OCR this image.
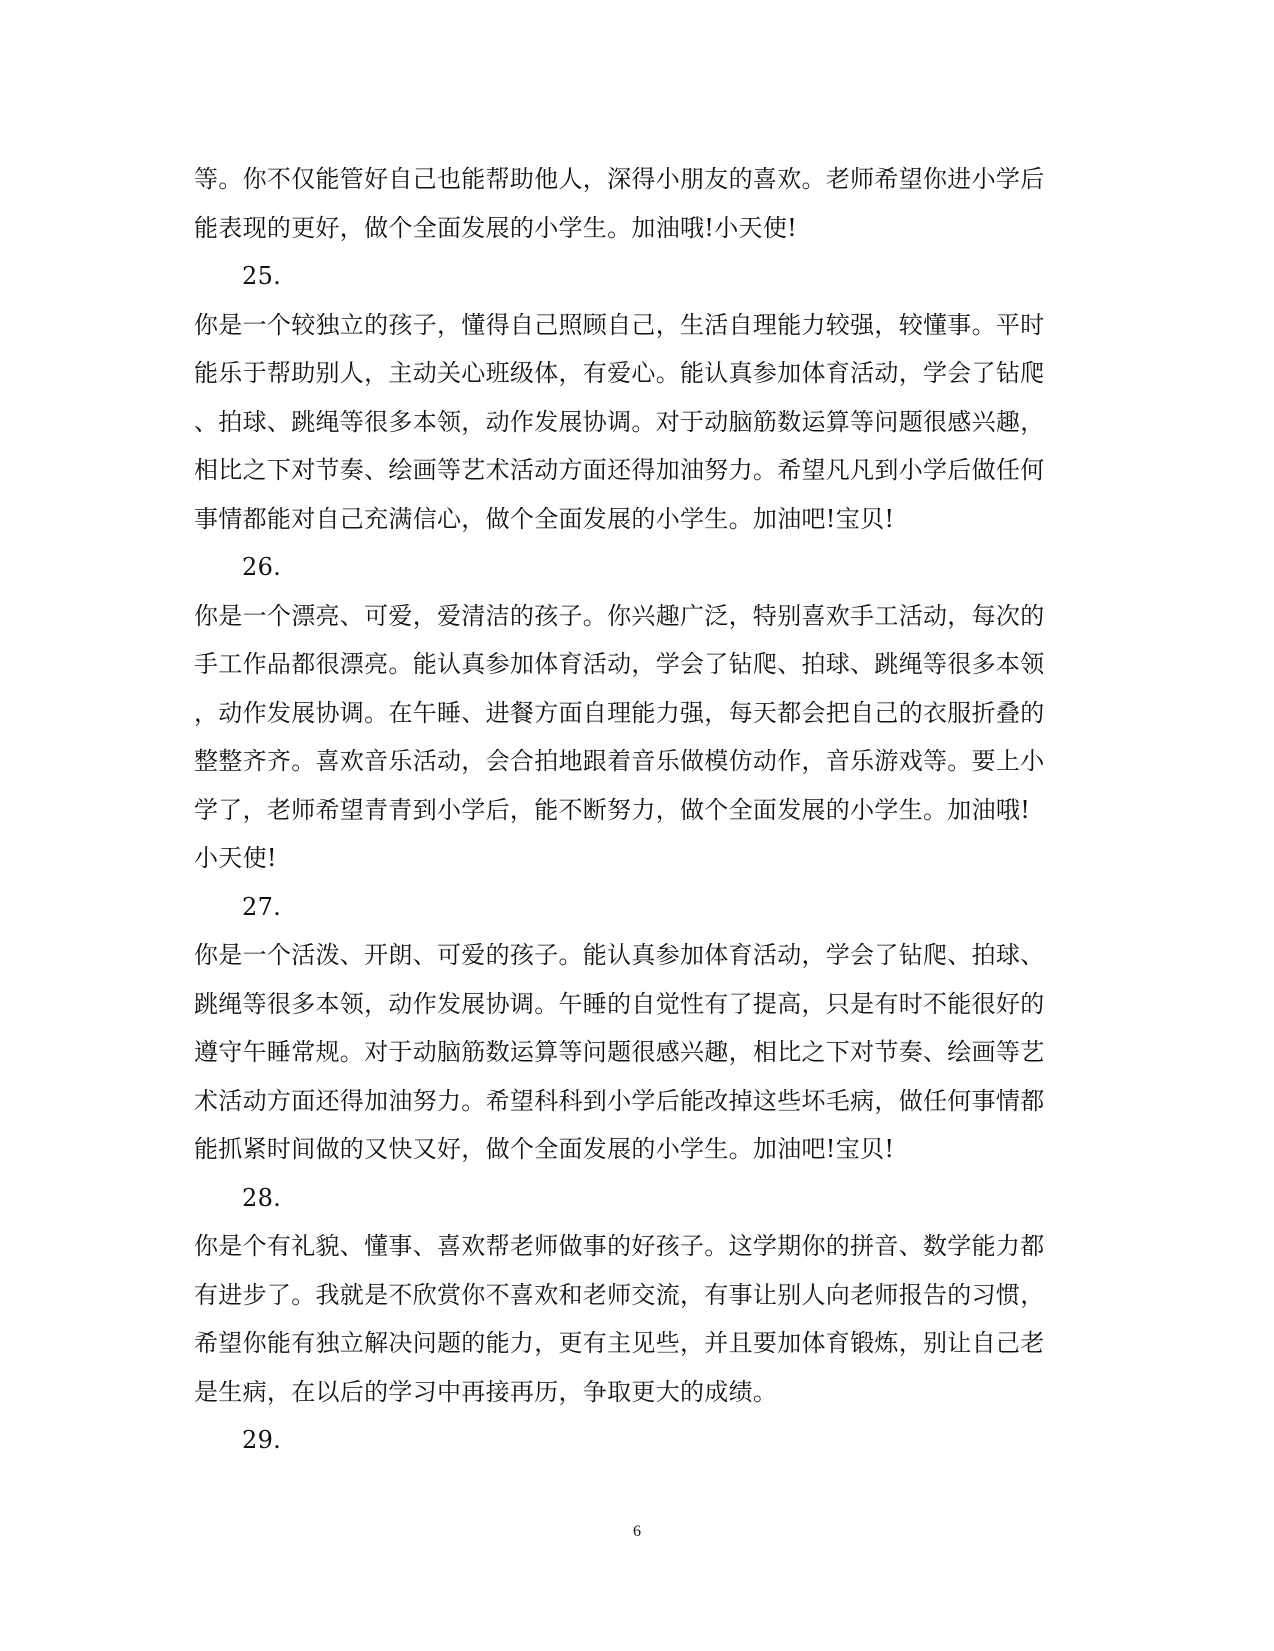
等。你不仅能管好自己也能帮助他人，深得小朋友的喜欢。老师希望你进小学后
能表现的更好，做个全面发展的小学生。加油哦!小天使!
25.
你是一个较独立的孩子，懂得自己照顾自己，生活自理能力较强，较懂事。平时
能乐于帮助别人，主动关心班级体，有爱心。能认真参加体育活动，学会了钻爬
、拍球、跳绳等很多本领，动作发展协调。对于动脑筋数运算等问题很感兴趣，
相比之下对节奏、绘画等艺术活动方面还得加油努力。希望凡凡到小学后做任何
事情都能对自己充满信心，做个全面发展的小学生。加油吧!宝贝!
26.
你是一个漂亮、可爱，爱清洁的孩子。你兴趣广泛，特别喜欢手工活动，每次的
手工作品都很漂亮。能认真参加体育活动，学会了钻爬、拍球、跳绳等很多本领
，动作发展协调。在午睡、进餐方面自理能力强，每天都会把自己的衣服折叠的
整整齐齐。喜欢音乐活动，会合拍地跟着音乐做模仿动作，音乐游戏等。要上小
学了，老师希望青青到小学后，能不断努力，做个全面发展的小学生。加油哦!
小天使!
27.
你是一个活泼、开朗、可爱的孩子。能认真参加体育活动，学会了钻爬、拍球、
跳绳等很多本领，动作发展协调。午睡的自觉性有了提高，只是有时不能很好的
遵守午睡常规。对于动脑筋数运算等问题很感兴趣，相比之下对节奏、绘画等艺
术活动方面还得加油努力。希望科科到小学后能改掉这些坏毛病，做任何事情都
能抓紧时间做的又快又好，做个全面发展的小学生。加油吧!宝贝!
28.
你是个有礼貌、懂事、喜欢帮老师做事的好孩子。这学期你的拼音、数学能力都
有进步了。我就是不欣赏你不喜欢和老师交流，有事让别人向老师报告的习惯，
希望你能有独立解决问题的能力，更有主见些，并且要加体育锻炼，别让自己老
是生病，在以后的学习中再接再历，争取更大的成绩。
29.
6
